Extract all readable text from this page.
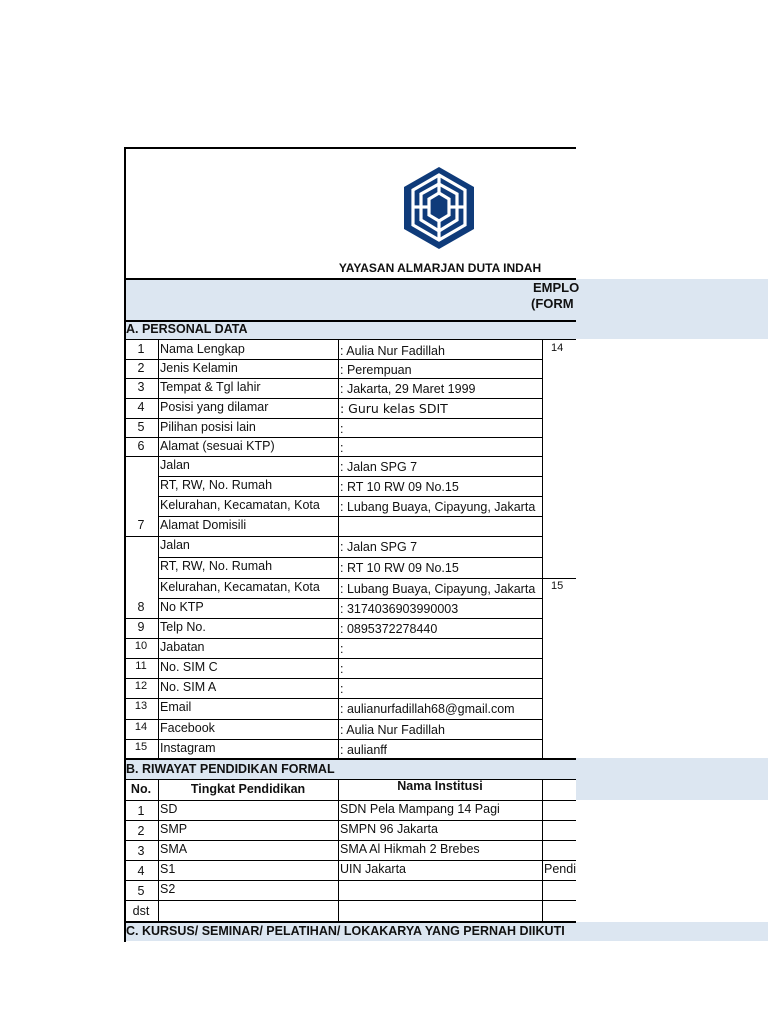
YAYASAN ALMARJAN DUTA INDAH
EMPLO
(FORM
A. PERSONAL DATA
1	Nama Lengkap	: Aulia Nur Fadillah
2	Jenis Kelamin	: Perempuan
3	Tempat & Tgl lahir	: Jakarta, 29 Maret 1999
4	Posisi yang dilamar	: Guru kelas SDIT
5	Pilihan posisi lain	:
6	Alamat (sesuai KTP)	:
Jalan	: Jalan SPG 7
RT, RW, No. Rumah	: RT 10 RW 09 No.15
Kelurahan, Kecamatan, Kota : Lubang Buaya, Cipayung, Jakarta
7	Alamat Domisili
Jalan	: Jalan SPG 7
RT, RW, No. Rumah	: RT 10 RW 09 No.15
Kelurahan, Kecamatan, Kota : Lubang Buaya, Cipayung, Jakarta
8	No KTP	: 3174036903990003
9	Telp No.	: 0895372278440
10	Jabatan	:
11	No. SIM C	:
12	No. SIM A	:
13	Email	: aulianurfadillah68@gmail.com
14	Facebook	: Aulia Nur Fadillah
15	Instagram	: aulianff
14
15
B. RIWAYAT PENDIDIKAN FORMAL
No.	Tingkat Pendidikan	Nama Institusi
1	SD	SDN Pela Mampang 14 Pagi
2	SMP	SMPN 96 Jakarta
3	SMA	SMA Al Hikmah 2 Brebes
4	S1	UIN Jakarta	Pendi
5	S2
dst
C. KURSUS/ SEMINAR/ PELATIHAN/ LOKAKARYA YANG PERNAH DIIKUTI
